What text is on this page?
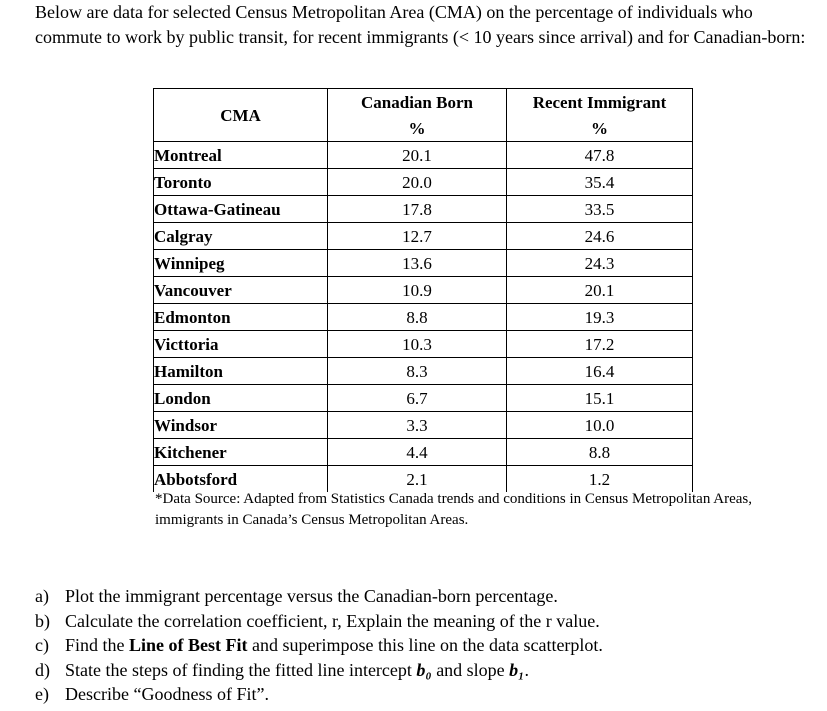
Below are data for selected Census Metropolitan Area (CMA) on the percentage of individuals who commute to work by public transit, for recent immigrants (< 10 years since arrival) and for Canadian-born:

CMA	Canadian Born	Recent Immigrant
	%	%
Montreal	20.1	47.8
Toronto	20.0	35.4
Ottawa-Gatineau	17.8	33.5
Calgray	12.7	24.6
Winnipeg	13.6	24.3
Vancouver	10.9	20.1
Edmonton	8.8	19.3
Victtoria	10.3	17.2
Hamilton	8.3	16.4
London	6.7	15.1
Windsor	3.3	10.0
Kitchener	4.4	8.8
Abbotsford	2.1	1.2

*Data Source: Adapted from Statistics Canada trends and conditions in Census Metropolitan Areas, immigrants in Canada’s Census Metropolitan Areas.

a) Plot the immigrant percentage versus the Canadian-born percentage.
b) Calculate the correlation coefficient, r, Explain the meaning of the r value.
c) Find the Line of Best Fit and superimpose this line on the data scatterplot.
d) State the steps of finding the fitted line intercept b₀ and slope b₁.
e) Describe “Goodness of Fit”.
